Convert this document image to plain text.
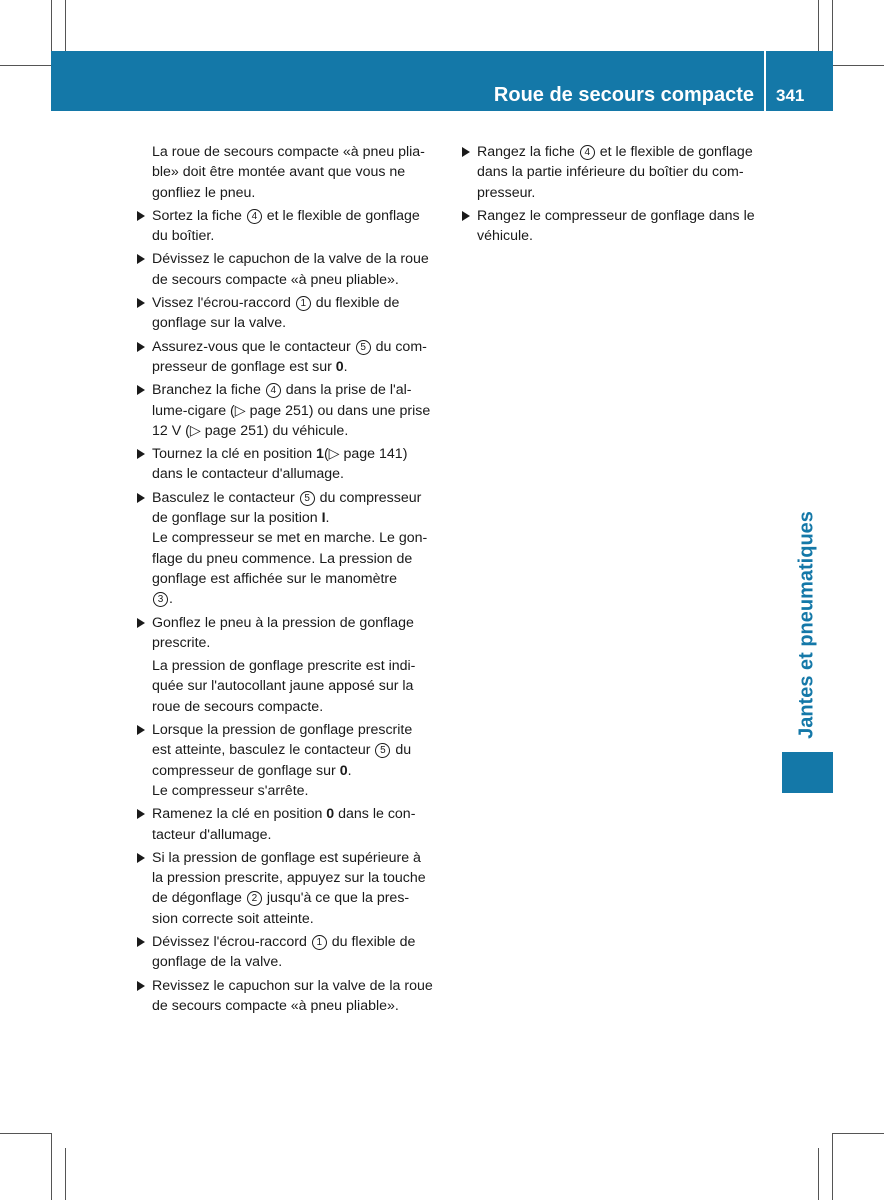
Roue de secours compacte 341
Jantes et pneumatiques

La roue de secours compacte «à pneu plia-
ble» doit être montée avant que vous ne
gonfliez le pneu.

Sortez la fiche 4 et le flexible de gonflage
du boîtier.
Dévissez le capuchon de la valve de la roue
de secours compacte «à pneu pliable».
Vissez l'écrou-raccord 1 du flexible de
gonflage sur la valve.
Assurez-vous que le contacteur 5 du com-
presseur de gonflage est sur 0.
Branchez la fiche 4 dans la prise de l'al-
lume-cigare (▷ page 251) ou dans une prise
12 V (▷ page 251) du véhicule.
Tournez la clé en position 1(▷ page 141)
dans le contacteur d'allumage.
Basculez le contacteur 5 du compresseur
de gonflage sur la position I.
Le compresseur se met en marche. Le gon-
flage du pneu commence. La pression de
gonflage est affichée sur le manomètre
3 .
Gonflez le pneu à la pression de gonflage
prescrite.

La pression de gonflage prescrite est indi-
quée sur l'autocollant jaune apposé sur la
roue de secours compacte.

Lorsque la pression de gonflage prescrite
est atteinte, basculez le contacteur 5 du
compresseur de gonflage sur 0.
Le compresseur s'arrête.
Ramenez la clé en position 0 dans le con-
tacteur d'allumage.
Si la pression de gonflage est supérieure à
la pression prescrite, appuyez sur la touche
de dégonflage 2 jusqu'à ce que la pres-
sion correcte soit atteinte.
Dévissez l'écrou-raccord 1 du flexible de
gonflage de la valve.
Revissez le capuchon sur la valve de la roue
de secours compacte «à pneu pliable».
Rangez la fiche 4 et le flexible de gonflage
dans la partie inférieure du boîtier du com-
presseur.
Rangez le compresseur de gonflage dans le
véhicule.
